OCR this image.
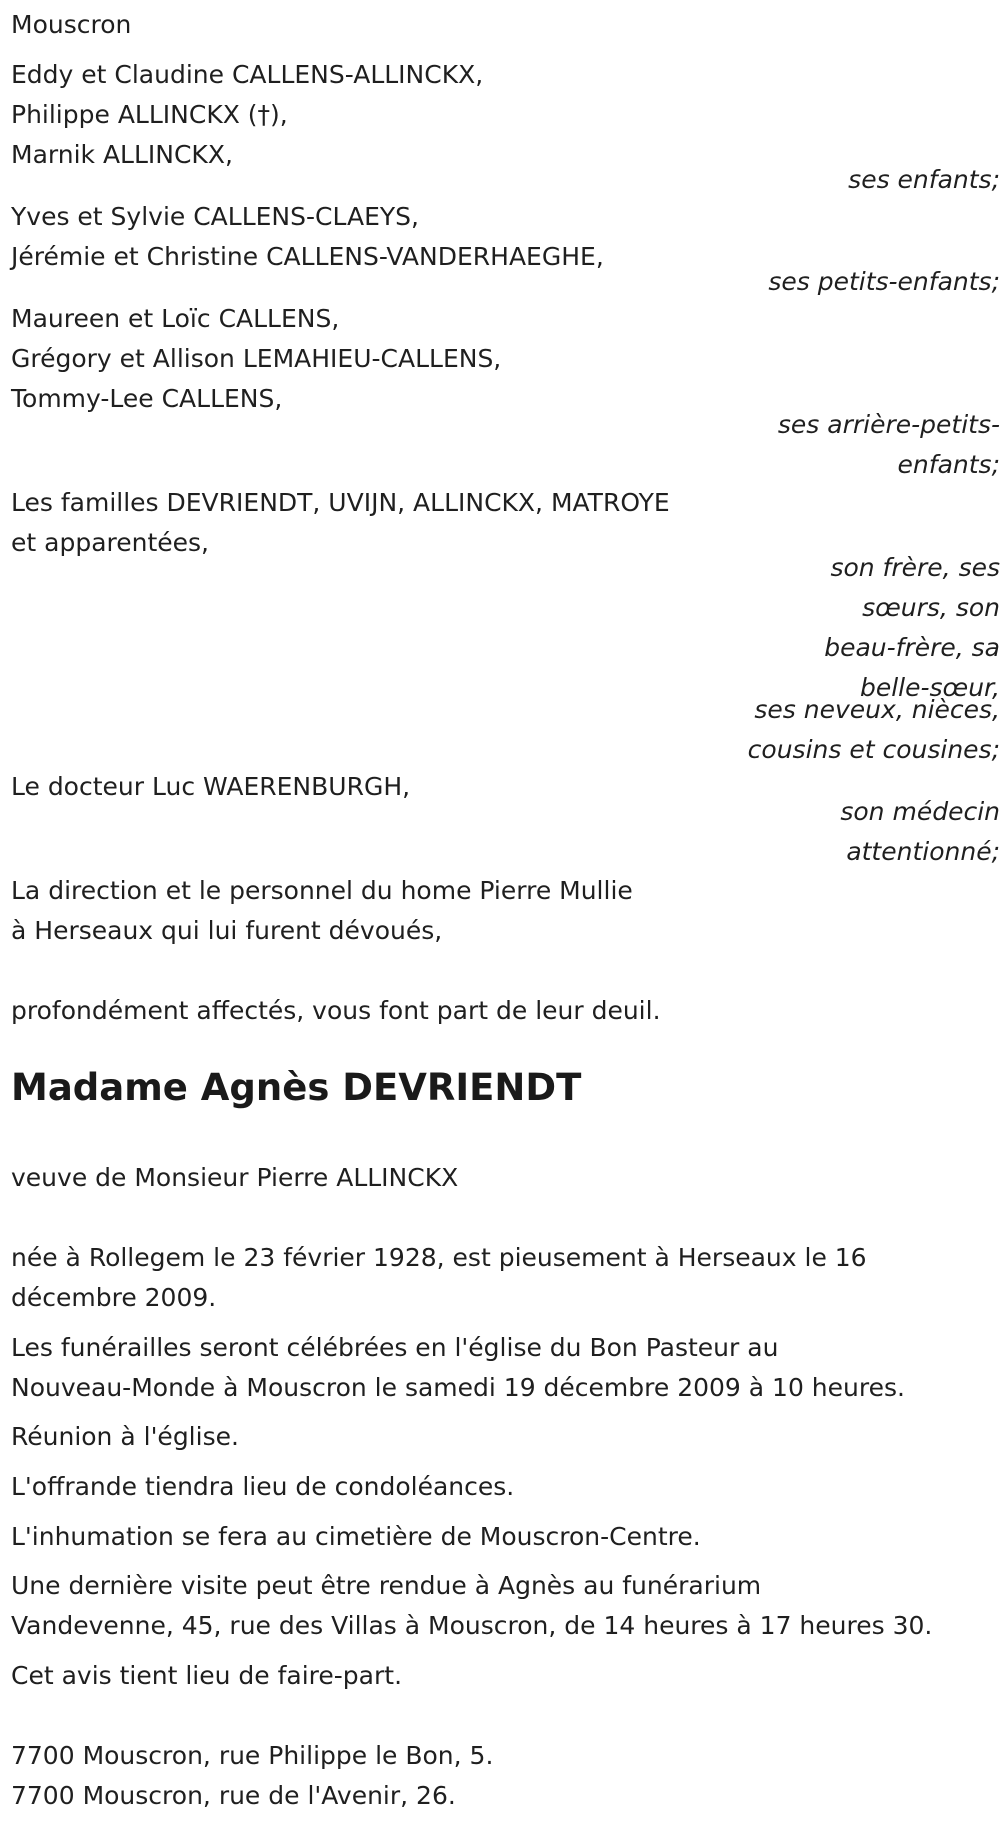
Mouscron
Eddy et Claudine CALLENS-ALLINCKX,
Philippe ALLINCKX (†),
Marnik ALLINCKX,
ses enfants;
Yves et Sylvie CALLENS-CLAEYS,
Jérémie et Christine CALLENS-VANDERHAEGHE,
ses petits-enfants;
Maureen et Loïc CALLENS,
Grégory et Allison LEMAHIEU-CALLENS,
Tommy-Lee CALLENS,
ses arrière-petits-
enfants;
Les familles DEVRIENDT, UVIJN, ALLINCKX, MATROYE
et apparentées,
son frère, ses
sœurs, son
beau-frère, sa
belle-sœur,
ses neveux, nièces,
cousins et cousines;
Le docteur Luc WAERENBURGH,
son médecin
attentionné;
La direction et le personnel du home Pierre Mullie
à Herseaux qui lui furent dévoués,
profondément affectés, vous font part de leur deuil.
Madame Agnès DEVRIENDT
veuve de Monsieur Pierre ALLINCKX
née à Rollegem le 23 février 1928, est pieusement à Herseaux le 16
décembre 2009.
Les funérailles seront célébrées en l'église du Bon Pasteur au
Nouveau-Monde à Mouscron le samedi 19 décembre 2009 à 10 heures.
Réunion à l'église.
L'offrande tiendra lieu de condoléances.
L'inhumation se fera au cimetière de Mouscron-Centre.
Une dernière visite peut être rendue à Agnès au funérarium
Vandevenne, 45, rue des Villas à Mouscron, de 14 heures à 17 heures 30.
Cet avis tient lieu de faire-part.
7700 Mouscron, rue Philippe le Bon, 5.
7700 Mouscron, rue de l'Avenir, 26.
